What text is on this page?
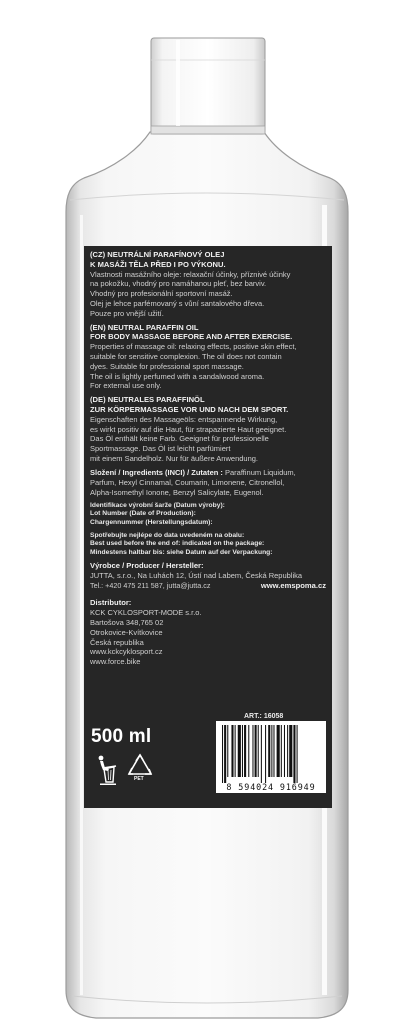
(CZ) NEUTRÁLNÍ PARAFÍNOVÝ OLEJ
K MASÁŽI TĚLA PŘED I PO VÝKONU.
Vlastnosti masážního oleje: relaxační účinky, příznivé účinky
na pokožku, vhodný pro namáhanou pleť, bez barviv.
Vhodný pro profesionální sportovní masáž.
Olej je lehce parfémovaný s vůní santalového dřeva.
Pouze pro vnější užití.
(EN) NEUTRAL PARAFFIN OIL
FOR BODY MASSAGE BEFORE AND AFTER EXERCISE.
Properties of massage oil: relaxing effects, positive skin effect,
suitable for sensitive complexion. The oil does not contain
dyes. Suitable for professional sport massage.
The oil is lightly perfumed with a sandalwood aroma.
For external use only.
(DE) NEUTRALES PARAFFINÖL
ZUR KÖRPERMASSAGE VOR UND NACH DEM SPORT.
Eigenschaften des Massageöls: entspannende Wirkung,
es wirkt positiv auf die Haut, für strapazierte Haut geeignet.
Das Öl enthält keine Farb. Geeignet für professionelle
Sportmassage. Das Öl ist leicht parfümiert
mit einem Sandelholz. Nur für äußere Anwendung.
Složení / Ingredients (INCI) / Zutaten : Paraffinum Liquidum,
Parfum, Hexyl Cinnamal, Coumarin, Limonene, Citronellol,
Alpha-Isomethyl Ionone, Benzyl Salicylate, Eugenol.
Identifikace výrobní šarže (Datum výroby):
Lot Number (Date of Production):
Chargennummer (Herstellungsdatum):
Spotřebujte nejlépe do data uvedeném na obalu:
Best used before the end of: indicated on the package:
Mindestens haltbar bis: siehe Datum auf der Verpackung:
Výrobce / Producer / Hersteller:
JUTTA, s.r.o., Na Luhách 12, Ústí nad Labem, Česká Republika
Tel.: +420 475 211 587, jutta@jutta.cz	www.emspoma.cz
Distributor:
KCK CYKLOSPORT-MODE s.r.o.
Bartošova 348,765 02
Otrokovice-Kvítkovice
Česká republika
www.kckcyklosport.cz
www.force.bike
500 ml
ART.: 16058
8 594024 916949
PET
